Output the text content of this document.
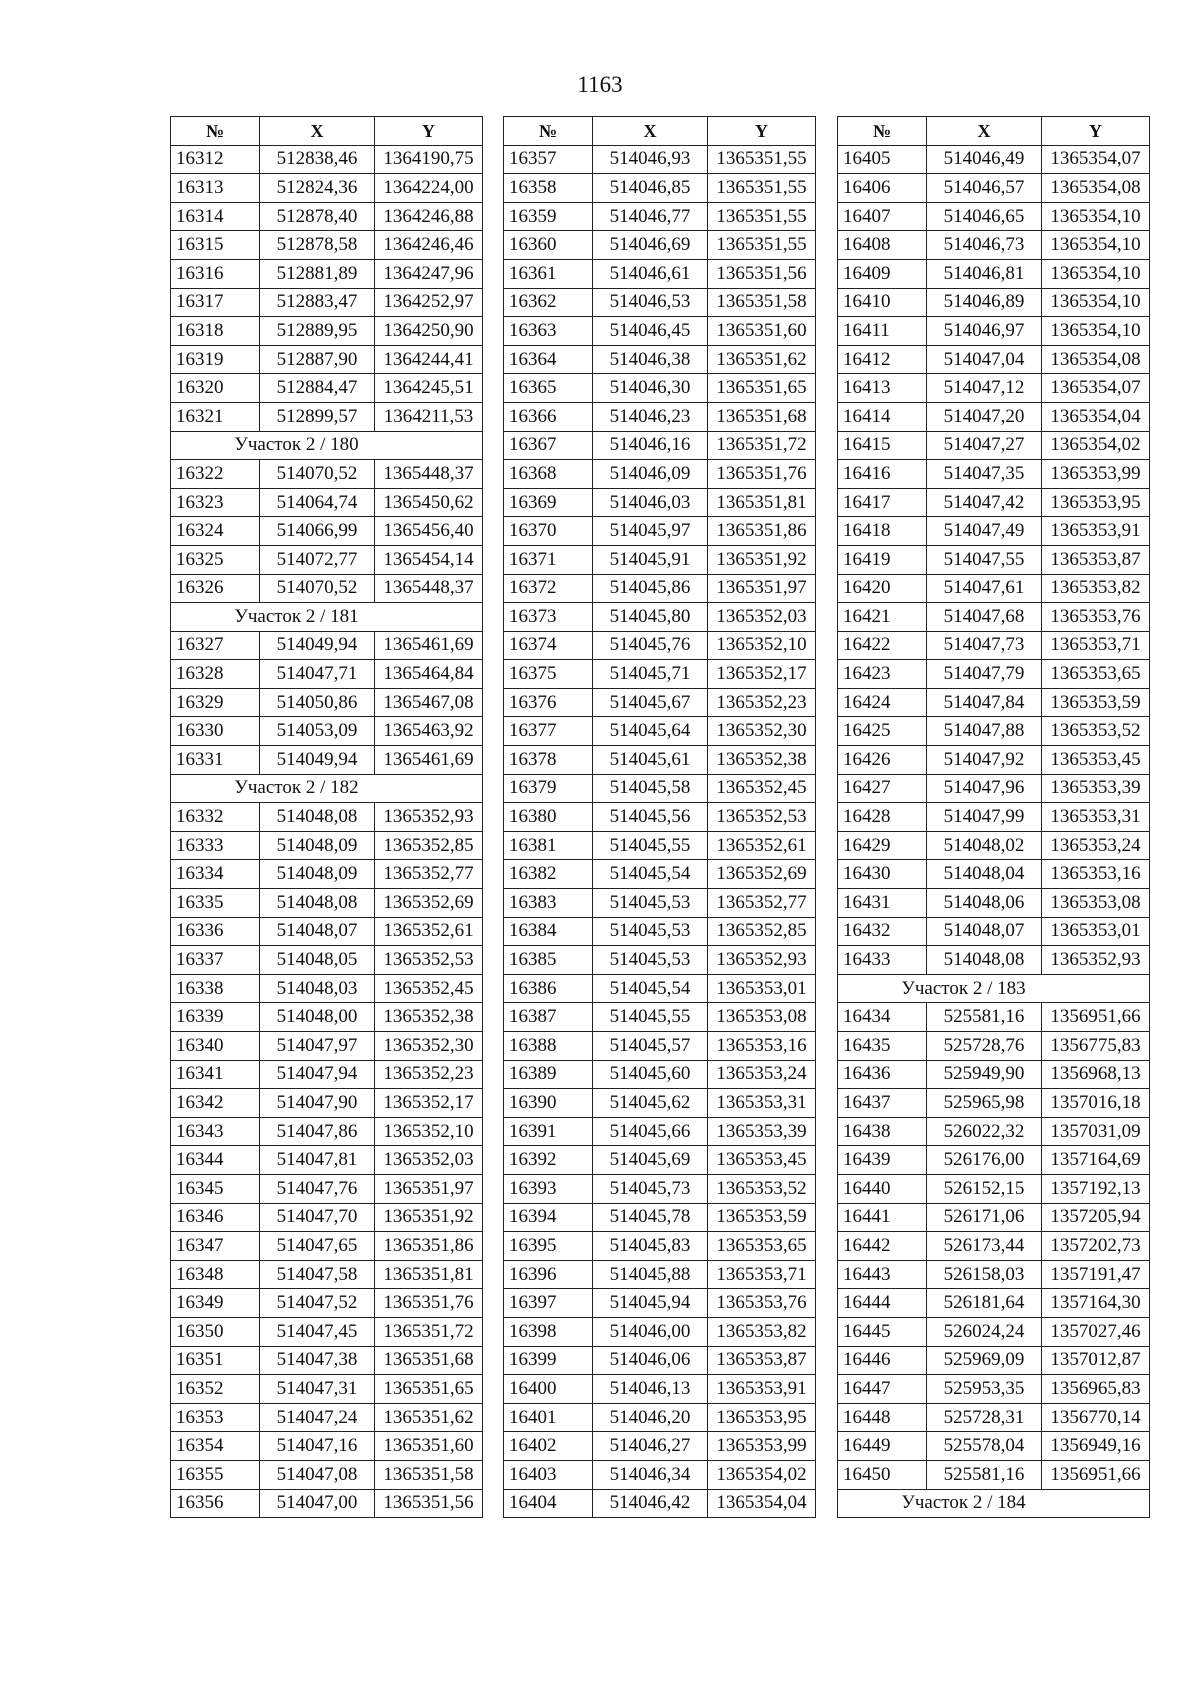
1163
№	X	Y
16312	512838,46	1364190,75
16313	512824,36	1364224,00
16314	512878,40	1364246,88
16315	512878,58	1364246,46
16316	512881,89	1364247,96
16317	512883,47	1364252,97
16318	512889,95	1364250,90
16319	512887,90	1364244,41
16320	512884,47	1364245,51
16321	512899,57	1364211,53
Участок 2 / 180		
16322	514070,52	1365448,37
16323	514064,74	1365450,62
16324	514066,99	1365456,40
16325	514072,77	1365454,14
16326	514070,52	1365448,37
Участок 2 / 181		
16327	514049,94	1365461,69
16328	514047,71	1365464,84
16329	514050,86	1365467,08
16330	514053,09	1365463,92
16331	514049,94	1365461,69
Участок 2 / 182		
16332	514048,08	1365352,93
16333	514048,09	1365352,85
16334	514048,09	1365352,77
16335	514048,08	1365352,69
16336	514048,07	1365352,61
16337	514048,05	1365352,53
16338	514048,03	1365352,45
16339	514048,00	1365352,38
16340	514047,97	1365352,30
16341	514047,94	1365352,23
16342	514047,90	1365352,17
16343	514047,86	1365352,10
16344	514047,81	1365352,03
16345	514047,76	1365351,97
16346	514047,70	1365351,92
16347	514047,65	1365351,86
16348	514047,58	1365351,81
16349	514047,52	1365351,76
16350	514047,45	1365351,72
16351	514047,38	1365351,68
16352	514047,31	1365351,65
16353	514047,24	1365351,62
16354	514047,16	1365351,60
16355	514047,08	1365351,58
16356	514047,00	1365351,56
№	X	Y
16357	514046,93	1365351,55
16358	514046,85	1365351,55
16359	514046,77	1365351,55
16360	514046,69	1365351,55
16361	514046,61	1365351,56
16362	514046,53	1365351,58
16363	514046,45	1365351,60
16364	514046,38	1365351,62
16365	514046,30	1365351,65
16366	514046,23	1365351,68
16367	514046,16	1365351,72
16368	514046,09	1365351,76
16369	514046,03	1365351,81
16370	514045,97	1365351,86
16371	514045,91	1365351,92
16372	514045,86	1365351,97
16373	514045,80	1365352,03
16374	514045,76	1365352,10
16375	514045,71	1365352,17
16376	514045,67	1365352,23
16377	514045,64	1365352,30
16378	514045,61	1365352,38
16379	514045,58	1365352,45
16380	514045,56	1365352,53
16381	514045,55	1365352,61
16382	514045,54	1365352,69
16383	514045,53	1365352,77
16384	514045,53	1365352,85
16385	514045,53	1365352,93
16386	514045,54	1365353,01
16387	514045,55	1365353,08
16388	514045,57	1365353,16
16389	514045,60	1365353,24
16390	514045,62	1365353,31
16391	514045,66	1365353,39
16392	514045,69	1365353,45
16393	514045,73	1365353,52
16394	514045,78	1365353,59
16395	514045,83	1365353,65
16396	514045,88	1365353,71
16397	514045,94	1365353,76
16398	514046,00	1365353,82
16399	514046,06	1365353,87
16400	514046,13	1365353,91
16401	514046,20	1365353,95
16402	514046,27	1365353,99
16403	514046,34	1365354,02
16404	514046,42	1365354,04
№	X	Y
16405	514046,49	1365354,07
16406	514046,57	1365354,08
16407	514046,65	1365354,10
16408	514046,73	1365354,10
16409	514046,81	1365354,10
16410	514046,89	1365354,10
16411	514046,97	1365354,10
16412	514047,04	1365354,08
16413	514047,12	1365354,07
16414	514047,20	1365354,04
16415	514047,27	1365354,02
16416	514047,35	1365353,99
16417	514047,42	1365353,95
16418	514047,49	1365353,91
16419	514047,55	1365353,87
16420	514047,61	1365353,82
16421	514047,68	1365353,76
16422	514047,73	1365353,71
16423	514047,79	1365353,65
16424	514047,84	1365353,59
16425	514047,88	1365353,52
16426	514047,92	1365353,45
16427	514047,96	1365353,39
16428	514047,99	1365353,31
16429	514048,02	1365353,24
16430	514048,04	1365353,16
16431	514048,06	1365353,08
16432	514048,07	1365353,01
16433	514048,08	1365352,93
Участок 2 / 183		
16434	525581,16	1356951,66
16435	525728,76	1356775,83
16436	525949,90	1356968,13
16437	525965,98	1357016,18
16438	526022,32	1357031,09
16439	526176,00	1357164,69
16440	526152,15	1357192,13
16441	526171,06	1357205,94
16442	526173,44	1357202,73
16443	526158,03	1357191,47
16444	526181,64	1357164,30
16445	526024,24	1357027,46
16446	525969,09	1357012,87
16447	525953,35	1356965,83
16448	525728,31	1356770,14
16449	525578,04	1356949,16
16450	525581,16	1356951,66
Участок 2 / 184		
